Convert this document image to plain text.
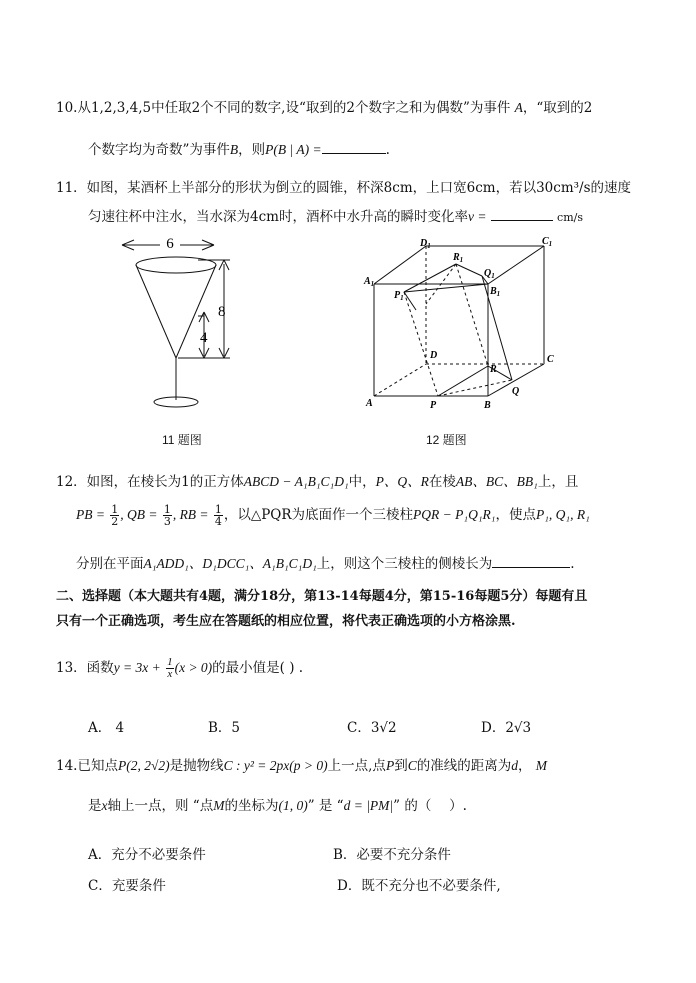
10.从1,2,3,4,5中任取2个不同的数字,设“取到的2个数字之和为偶数”为事件 A，“取到的2
个数字均为奇数”为事件B，则P(B | A) =	.
11．如图，某酒杯上半部分的形状为倒立的圆锥，杯深8cm，上口宽6cm，若以30cm³/s的速度
匀速往杯中注水，当水深为4cm时，酒杯中水升高的瞬时变化率v =	cm/s
6
8
4
11 题图
$D_1$	$C_1$
$A_1$
$R_1$
$Q_1$
$P_1$
$B_1$
D	C
R
A	P	B
Q
12 题图
12．如图，在棱长为1的正方体ABCD − A₁B₁C₁D₁中，P、Q、R在棱AB、BC、BB₁上，且
PB = $\frac{1}{2}$ , QB = $\frac{1}{3}$ , RB = $\frac{1}{4}$ ，以△PQR为底面作一个三棱柱PQR − P₁Q₁R₁，使点P₁, Q₁, R₁
分别在平面A₁ADD₁、D₁DCC₁、A₁B₁C₁D₁上，则这个三棱柱的侧棱长为	.
二、选择题（本大题共有4题，满分18分，第13-14每题4分，第15-16每题5分）每题有且
只有一个正确选项，考生应在答题纸的相应位置，将代表正确选项的小方格涂黑.
13．函数$y = 3x + \frac{1}{x} (x > 0)$的最小值是( ) .
A． 4	B．5	C．3√2	D．2√3
14.已知点P(2, 2√2)是抛物线C : y² = 2px(p > 0)上一点,点P到C的准线的距离为d， M
是x轴上一点，则 “点M的坐标为(1, 0)” 是 “d = |PM|” 的（　 ）.
A．充分不必要条件	B．必要不充分条件
C．充要条件	D．既不充分也不必要条件,
